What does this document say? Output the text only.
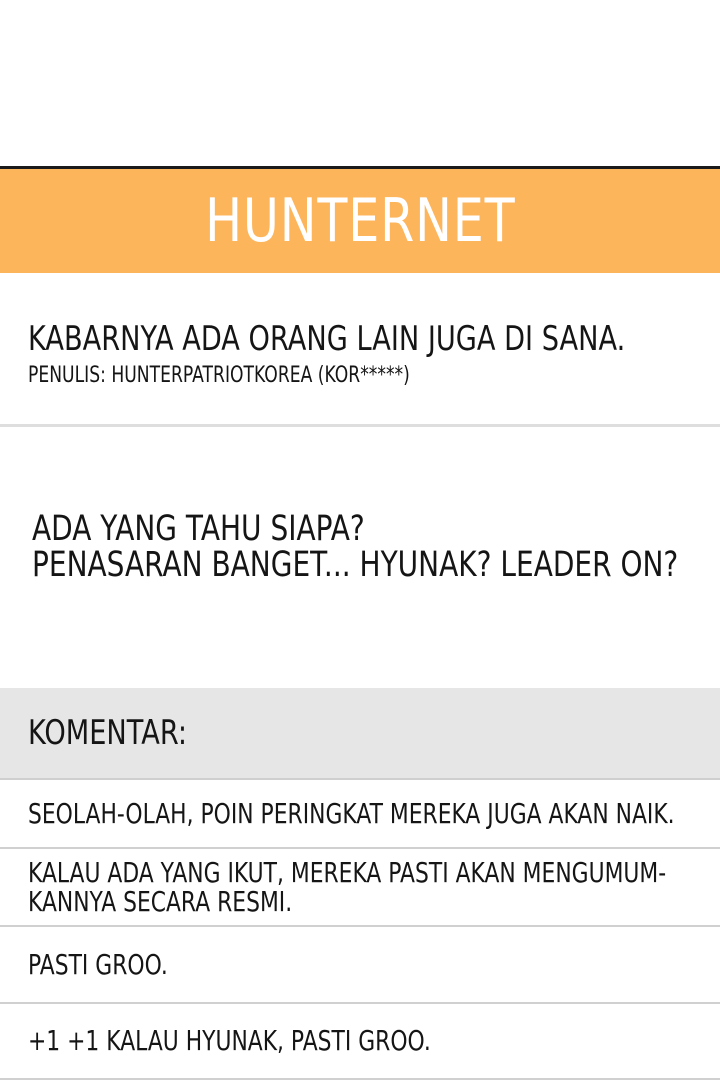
HUNTERNET
KABARNYA ADA ORANG LAIN JUGA DI SANA.
PENULIS: HUNTERPATRIOTKOREA (KOR*****)
ADA YANG TAHU SIAPA?
PENASARAN BANGET... HYUNAK? LEADER ON?
KOMENTAR:
SEOLAH-OLAH, POIN PERINGKAT MEREKA JUGA AKAN NAIK.
KALAU ADA YANG IKUT, MEREKA PASTI AKAN MENGUMUM-
KANNYA SECARA RESMI.
PASTI GROO.
+1 +1 KALAU HYUNAK, PASTI GROO.
